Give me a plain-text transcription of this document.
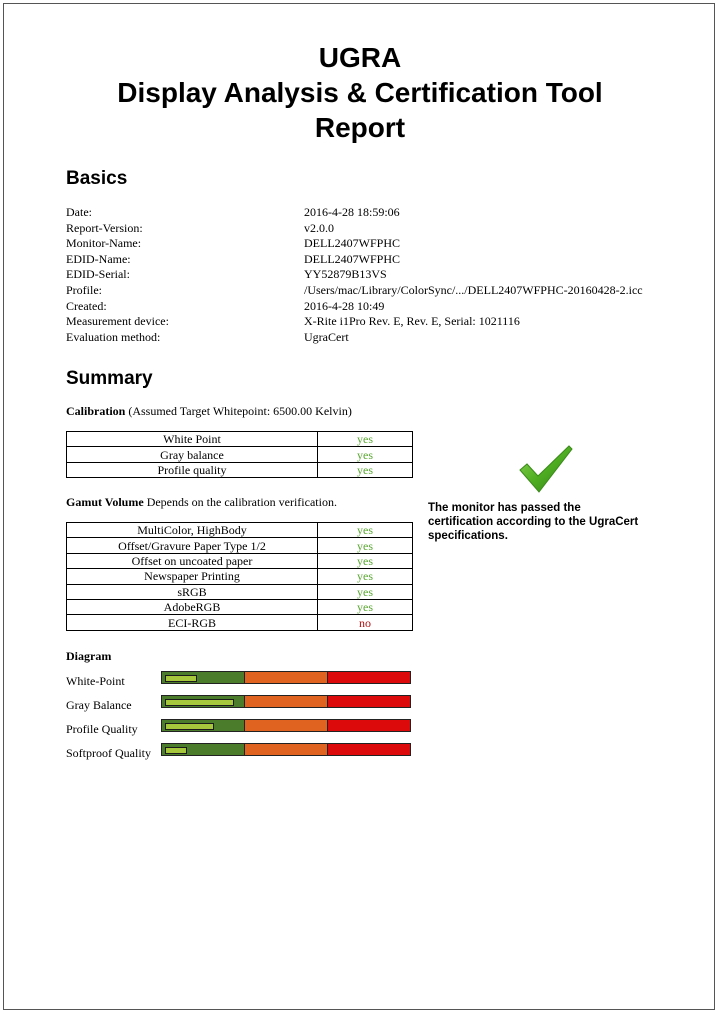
UGRA
Display Analysis & Certification Tool
Report
Basics
Date:	2016-4-28 18:59:06
Report-Version:	v2.0.0
Monitor-Name:	DELL2407WFPHC
EDID-Name:	DELL2407WFPHC
EDID-Serial:	YY52879B13VS
Profile:	/Users/mac/Library/ColorSync/.../DELL2407WFPHC-20160428-2.icc
Created:	2016-4-28 10:49
Measurement device:	X-Rite i1Pro Rev. E, Rev. E, Serial: 1021116
Evaluation method:	UgraCert
Summary
Calibration (Assumed Target Whitepoint: 6500.00 Kelvin)
White Point	yes
Gray balance	yes
Profile quality	yes
Gamut Volume Depends on the calibration verification.
MultiColor, HighBody	yes
Offset/Gravure Paper Type 1/2	yes
Offset on uncoated paper	yes
Newspaper Printing	yes
sRGB	yes
AdobeRGB	yes
ECI-RGB	no
The monitor has passed the certification according to the UgraCert specifications.
Diagram
White-Point
Gray Balance
Profile Quality
Softproof Quality
